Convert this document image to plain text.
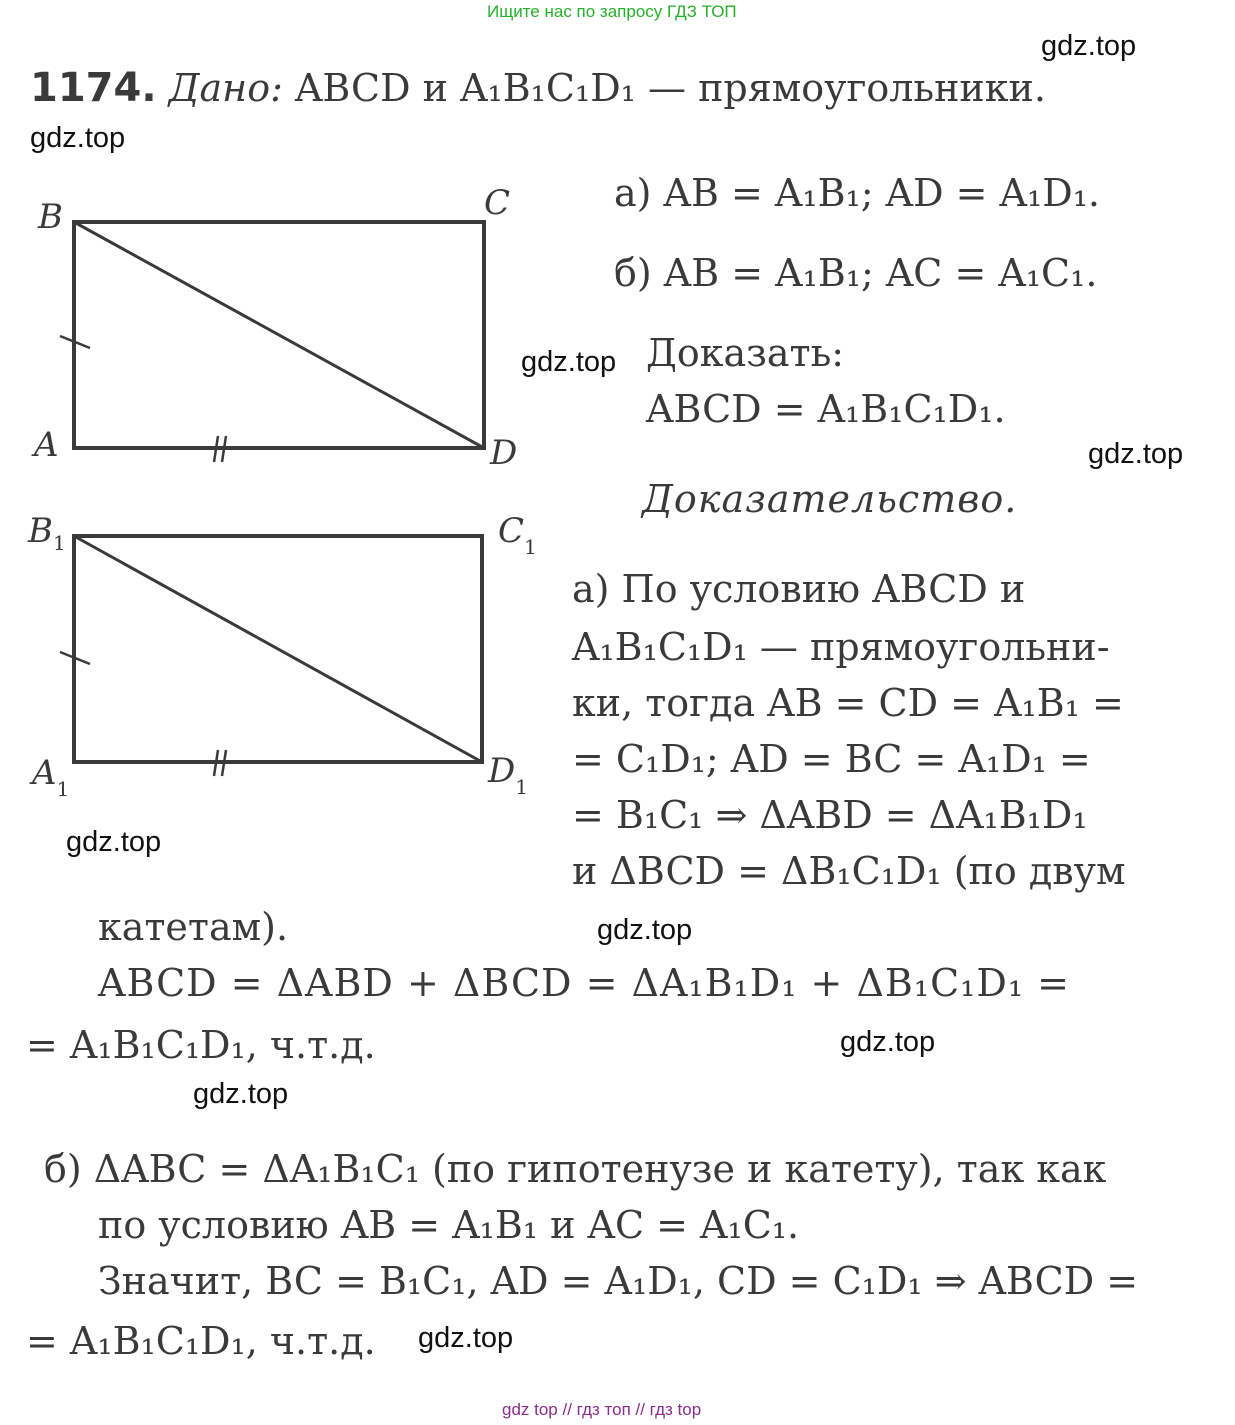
Ищите нас по запросу ГДЗ ТОП
gdz.top
gdz.top
gdz.top
gdz.top
gdz.top
gdz.top
gdz.top
gdz.top
gdz.top
1174. Дано: ABCD и A₁B₁C₁D₁ — прямоугольники.
а) AB = A₁B₁; AD = A₁D₁.
б) AB = A₁B₁; AC = A₁C₁.
Доказать:
ABCD = A₁B₁C₁D₁.
Доказательство.
а) По условию ABCD и
A₁B₁C₁D₁ — прямоугольни-
ки, тогда AB = CD = A₁B₁ =
= C₁D₁; AD = BC = A₁D₁ =
= B₁C₁ ⇒ ΔABD = ΔA₁B₁D₁
и ΔBCD = ΔB₁C₁D₁ (по двум
катетам).
ABCD = ΔABD + ΔBCD = ΔA₁B₁D₁ + ΔB₁C₁D₁ =
= A₁B₁C₁D₁, ч.т.д.
б) ΔABC = ΔA₁B₁C₁ (по гипотенузе и катету), так как
по условию AB = A₁B₁ и AC = A₁C₁.
Значит, BC = B₁C₁, AD = A₁D₁, CD = C₁D₁ ⇒ ABCD =
= A₁B₁C₁D₁, ч.т.д.
B	C
A	D
$B_1$	$C_1$
$A_1$	$D_1$
gdz top // гдз топ // гдз top
